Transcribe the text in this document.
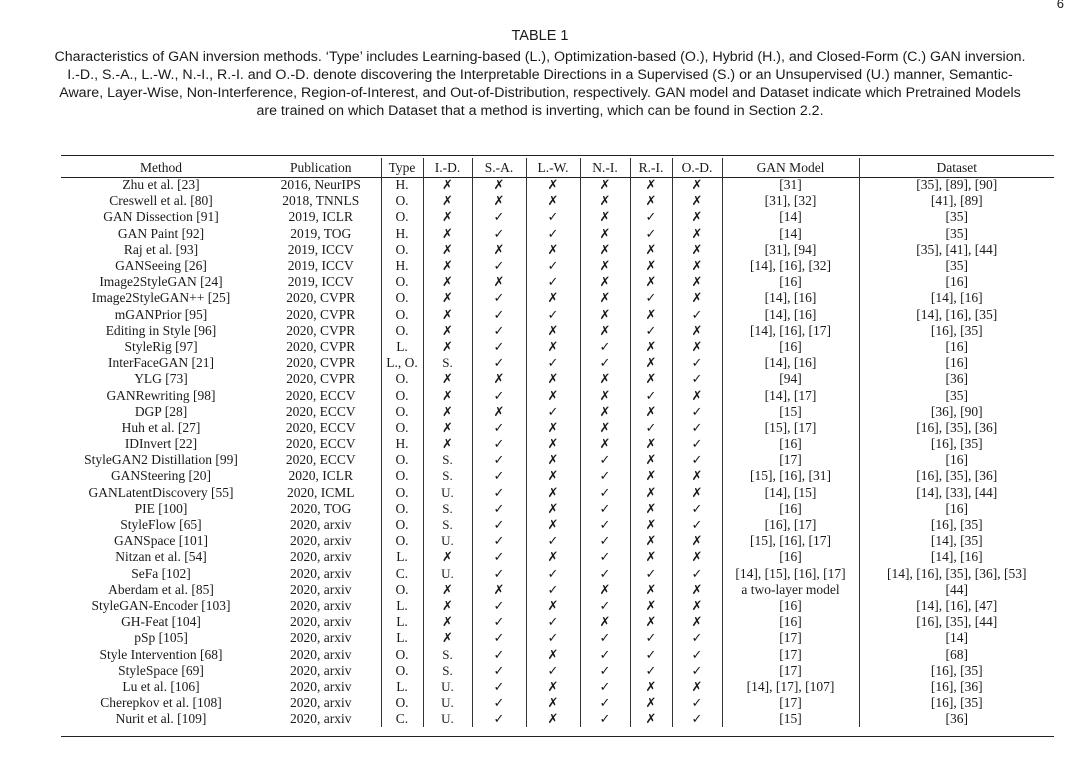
6
TABLE 1
Characteristics of GAN inversion methods. ‘Type’ includes Learning-based (L.), Optimization-based (O.), Hybrid (H.), and Closed-Form (C.) GAN inversion. I.-D., S.-A., L.-W., N.-I., R.-I. and O.-D. denote discovering the Interpretable Directions in a Supervised (S.) or an Unsupervised (U.) manner, Semantic-Aware, Layer-Wise, Non-Interference, Region-of-Interest, and Out-of-Distribution, respectively. GAN model and Dataset indicate which Pretrained Models are trained on which Dataset that a method is inverting, which can be found in Section 2.2.
Method	Publication	Type	I.-D.	S.-A.	L.-W.	N.-I.	R.-I.	O.-D.	GAN Model	Dataset
Zhu et al. [23]	2016, NeurIPS	H.	✗	✗	✗	✗	✗	✗	[31]	[35], [89], [90]
Creswell et al. [80]	2018, TNNLS	O.	✗	✗	✗	✗	✗	✗	[31], [32]	[41], [89]
GAN Dissection [91]	2019, ICLR	O.	✗	✓	✓	✗	✓	✗	[14]	[35]
GAN Paint [92]	2019, TOG	H.	✗	✓	✓	✗	✓	✗	[14]	[35]
Raj et al. [93]	2019, ICCV	O.	✗	✗	✗	✗	✗	✗	[31], [94]	[35], [41], [44]
GANSeeing [26]	2019, ICCV	H.	✗	✓	✓	✗	✗	✗	[14], [16], [32]	[35]
Image2StyleGAN [24]	2019, ICCV	O.	✗	✗	✓	✗	✗	✗	[16]	[16]
Image2StyleGAN++ [25]	2020, CVPR	O.	✗	✓	✗	✗	✓	✗	[14], [16]	[14], [16]
mGANPrior [95]	2020, CVPR	O.	✗	✓	✓	✗	✗	✓	[14], [16]	[14], [16], [35]
Editing in Style [96]	2020, CVPR	O.	✗	✓	✗	✗	✓	✗	[14], [16], [17]	[16], [35]
StyleRig [97]	2020, CVPR	L.	✗	✓	✗	✓	✗	✗	[16]	[16]
InterFaceGAN [21]	2020, CVPR	L., O.	S.	✓	✓	✓	✗	✓	[14], [16]	[16]
YLG [73]	2020, CVPR	O.	✗	✗	✗	✗	✗	✓	[94]	[36]
GANRewriting [98]	2020, ECCV	O.	✗	✓	✗	✗	✓	✗	[14], [17]	[35]
DGP [28]	2020, ECCV	O.	✗	✗	✓	✗	✗	✓	[15]	[36], [90]
Huh et al. [27]	2020, ECCV	O.	✗	✓	✗	✗	✓	✓	[15], [17]	[16], [35], [36]
IDInvert [22]	2020, ECCV	H.	✗	✓	✗	✗	✗	✓	[16]	[16], [35]
StyleGAN2 Distillation [99]	2020, ECCV	O.	S.	✓	✗	✓	✗	✓	[17]	[16]
GANSteering [20]	2020, ICLR	O.	S.	✓	✗	✓	✗	✗	[15], [16], [31]	[16], [35], [36]
GANLatentDiscovery [55]	2020, ICML	O.	U.	✓	✗	✓	✗	✗	[14], [15]	[14], [33], [44]
PIE [100]	2020, TOG	O.	S.	✓	✗	✓	✗	✓	[16]	[16]
StyleFlow [65]	2020, arxiv	O.	S.	✓	✗	✓	✗	✓	[16], [17]	[16], [35]
GANSpace [101]	2020, arxiv	O.	U.	✓	✓	✓	✗	✗	[15], [16], [17]	[14], [35]
Nitzan et al. [54]	2020, arxiv	L.	✗	✓	✗	✓	✗	✗	[16]	[14], [16]
SeFa [102]	2020, arxiv	C.	U.	✓	✓	✓	✓	✓	[14], [15], [16], [17]	[14], [16], [35], [36], [53]
Aberdam et al. [85]	2020, arxiv	O.	✗	✗	✓	✗	✗	✗	a two-layer model	[44]
StyleGAN-Encoder [103]	2020, arxiv	L.	✗	✓	✗	✓	✗	✗	[16]	[14], [16], [47]
GH-Feat [104]	2020, arxiv	L.	✗	✓	✓	✗	✗	✗	[16]	[16], [35], [44]
pSp [105]	2020, arxiv	L.	✗	✓	✓	✓	✓	✓	[17]	[14]
Style Intervention [68]	2020, arxiv	O.	S.	✓	✗	✓	✓	✓	[17]	[68]
StyleSpace [69]	2020, arxiv	O.	S.	✓	✓	✓	✓	✓	[17]	[16], [35]
Lu et al. [106]	2020, arxiv	L.	U.	✓	✗	✓	✗	✗	[14], [17], [107]	[16], [36]
Cherepkov et al. [108]	2020, arxiv	O.	U.	✓	✗	✓	✗	✓	[17]	[16], [35]
Nurit et al. [109]	2020, arxiv	C.	U.	✓	✗	✓	✗	✓	[15]	[36]
